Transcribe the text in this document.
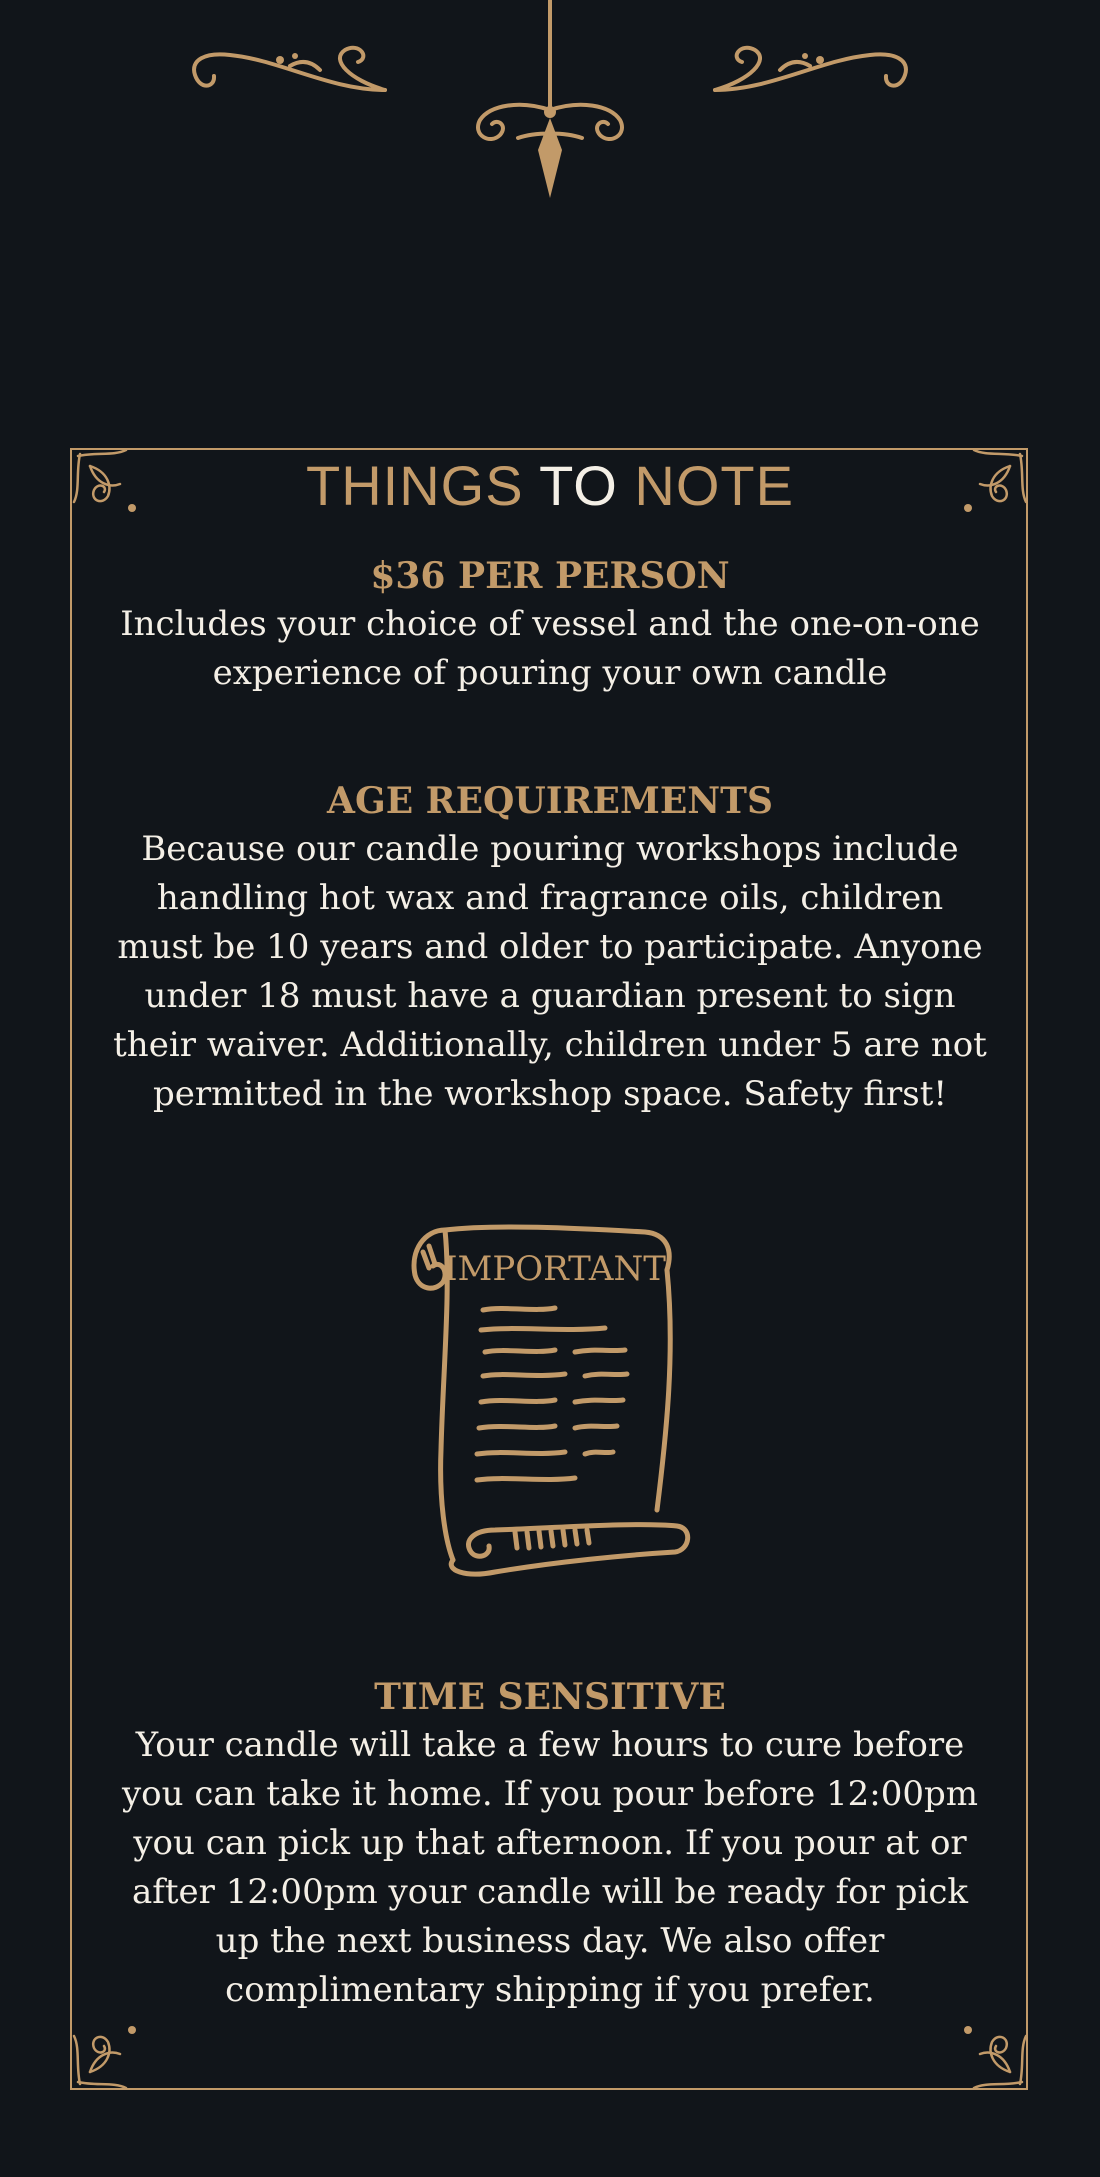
THINGS TO NOTE
$36 PER PERSON

Includes your choice of vessel and the one-on-one experience of pouring your own candle

AGE REQUIREMENTS

Because our candle pouring workshops include handling hot wax and fragrance oils, children must be 10 years and older to participate. Anyone under 18 must have a guardian present to sign their waiver. Additionally, children under 5 are not permitted in the workshop space. Safety first!

IMPORTANT
TIME SENSITIVE

Your candle will take a few hours to cure before you can take it home. If you pour before 12:00pm you can pick up that afternoon. If you pour at or after 12:00pm your candle will be ready for pick up the next business day. We also offer complimentary shipping if you prefer.
